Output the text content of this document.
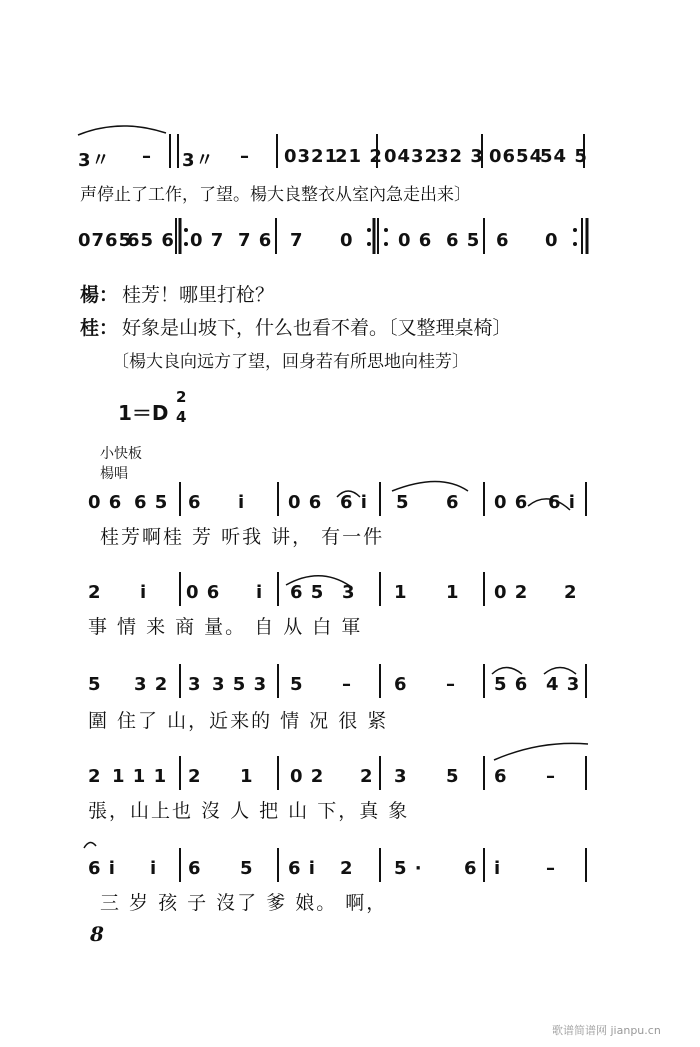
3〃 – 3〃 – 0321
21 2 0432
32 3 0654
54 5
声停止了工作，了望。楊大良整衣从室內急走出来〕
0765
65 6 0 7 7 6 7 0 0 6 6 5 6 0
楊： 桂芳！哪里打枪？
桂： 好象是山坡下，什么也看不着。〔又整理桌椅〕
〔楊大良向远方了望，回身若有所思地向桂芳〕
1＝D
2
4
小快板
楊唱
0 6 6 5 6 i 0 6 6 i 5 6 0 6 6 i
桂芳啊桂 芳 听我 讲， 有一件
2 i 0 6 i 6 5 3 1 1 0 2 2
事 情 来 商 量。 自 从 白 軍
5 3 2 3 3 5 3 5 – 6 – 5 6 4 3
圍 住了 山，近来的 情 况 很 紧
2 1 1 1 2 1 0 2 2 3 5 6 –
張，山上也 沒 人 把 山 下，真 象
6 i i 6 5 6 i 2 5 · 6 i –
三 岁 孩 子 沒了 爹 娘。 啊，
8
歌谱简谱网 jianpu.cn
